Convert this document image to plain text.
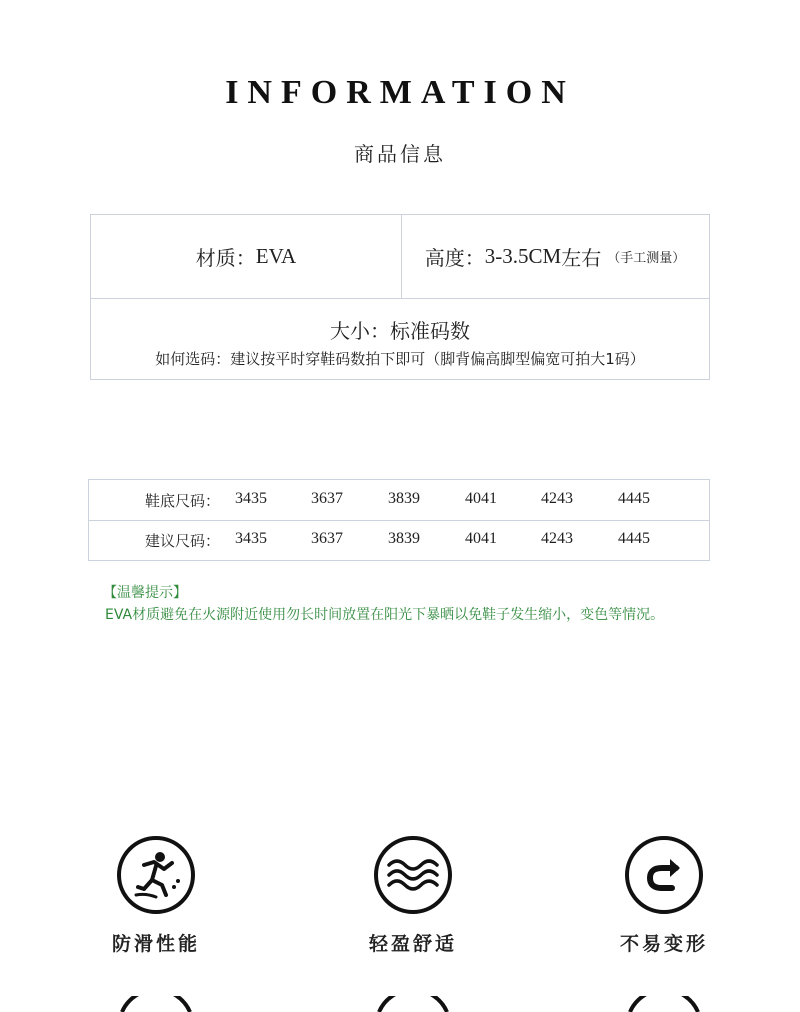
INFORMATION
商品信息
材质： EVA	高度： 3-3.5CM 左右 （手工测量）
大小：标准码数
如何选码：建议按平时穿鞋码数拍下即可（脚背偏高脚型偏宽可拍大1码）
鞋底尺码： 3435	3637	3839	4041	4243	4445
建议尺码： 3435	3637	3839	4041	4243	4445
【温馨提示】
EVA材质避免在火源附近使用勿长时间放置在阳光下暴晒以免鞋子发生缩小，变色等情况。
防滑性能	轻盈舒适	不易变形
